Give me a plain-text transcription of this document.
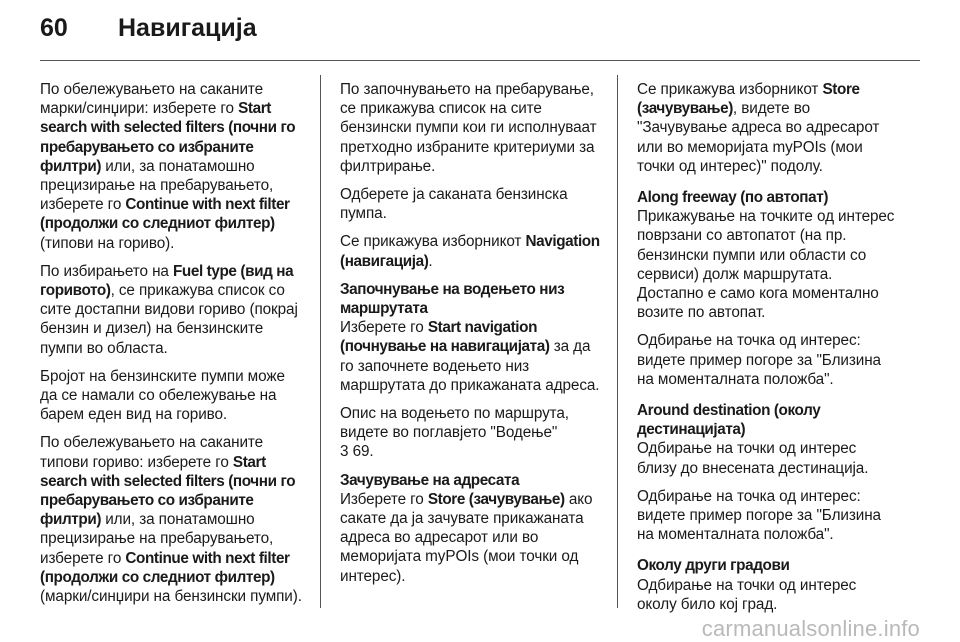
60	Навигација

По обележувањето на саканите марки/синџири: изберете го Start search with selected filters (почни го пребарувањето со избраните филтри) или, за понатамошно прецизирање на пребарувањето, изберете го Continue with next filter (продолжи со следниот филтер) (типови на гориво).

По избирањето на Fuel type (вид на горивото), се прикажува список со сите достапни видови гориво (покрај бензин и дизел) на бензинските пумпи во областа.

Бројот на бензинските пумпи може да се намали со обележување на барем еден вид на гориво.

По обележувањето на саканите типови гориво: изберете го Start search with selected filters (почни го пребарувањето со избраните филтри) или, за понатамошно прецизирање на пребарувањето, изберете го Continue with next filter (продолжи со следниот филтер) (марки/синџири на бензински пумпи).

По започнувањето на пребарување, се прикажува список на сите бензински пумпи кои ги исполнуваат претходно избраните критериуми за филтрирање.

Одберете ја саканата бензинска пумпа.

Се прикажува изборникот Navigation (навигација).

Започнување на водењето низ маршрутата

Изберете го Start navigation (почнување на навигацијата) за да го започнете водењето низ маршрутата до прикажаната адреса.

Опис на водењето по маршрута, видете во поглавјето "Водење"
3 69.

Зачувување на адресата

Изберете го Store (зачувување) ако сакате да ја зачувате прикажаната адреса во адресарот или во меморијата myPOIs (мои точки од интерес).

Се прикажува изборникот Store (зачувување), видете во "Зачувување адреса во адресарот или во меморијата myPOIs (мои точки од интерес)" подолу.

Along freeway (по автопат)

Прикажување на точките од интерес поврзани со автопатот (на пр. бензински пумпи или области со сервиси) долж маршрутата. Достапно е само кога моментално возите по автопат.

Одбирање на точка од интерес: видете пример погоре за "Близина на моменталната положба".

Around destination (околу дестинацијата)

Одбирање на точки од интерес близу до внесената дестинација.

Одбирање на точка од интерес: видете пример погоре за "Близина на моменталната положба".

Околу други градови

Одбирање на точки од интерес околу било кој град.

carmanualsonline.info
